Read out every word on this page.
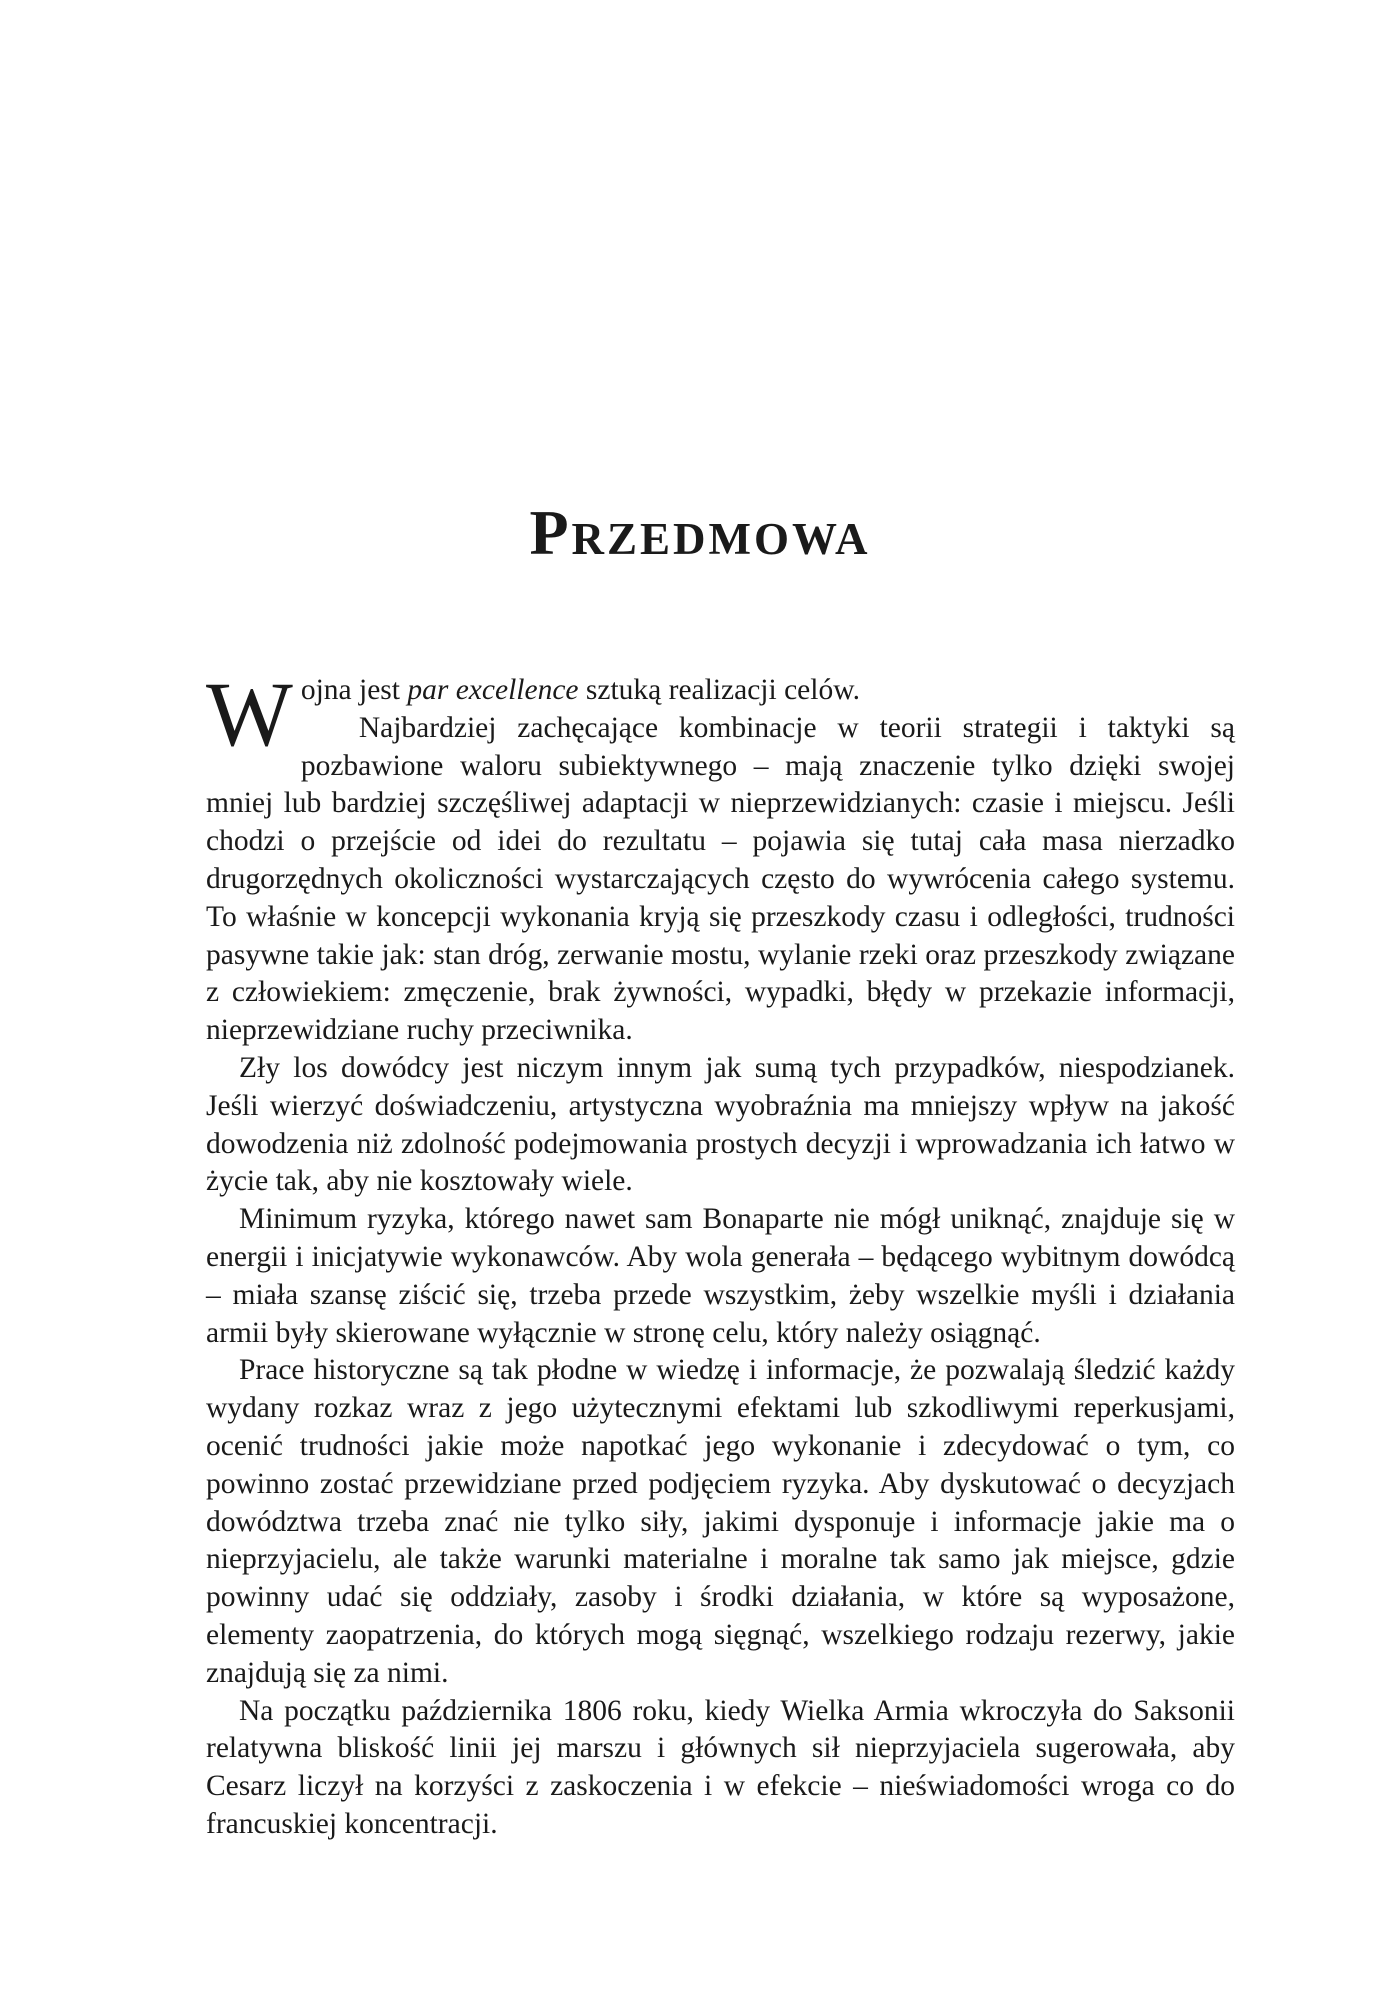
Przedmowa

Wojna jest par excellence sztuką realizacji celów.
Najbardziej zachęcające kombinacje w teorii strategii i taktyki są pozbawione waloru subiektywnego – mają znaczenie tylko dzięki swojej mniej lub bardziej szczęśliwej adaptacji w nieprzewidzianych: czasie i miejscu. Jeśli chodzi o przejście od idei do rezultatu – pojawia się tutaj cała masa nierzadko drugorzędnych okoliczności wystarczających często do wywrócenia całego systemu. To właśnie w koncepcji wykonania kryją się przeszkody czasu i odległości, trudności pasywne takie jak: stan dróg, zerwanie mostu, wylanie rzeki oraz przeszkody związane z człowiekiem: zmęczenie, brak żywności, wypadki, błędy w przekazie informacji, nieprzewidziane ruchy przeciwnika.

Zły los dowódcy jest niczym innym jak sumą tych przypadków, niespodzianek. Jeśli wierzyć doświadczeniu, artystyczna wyobraźnia ma mniejszy wpływ na jakość dowodzenia niż zdolność podejmowania prostych decyzji i wprowadzania ich łatwo w życie tak, aby nie kosztowały wiele.

Minimum ryzyka, którego nawet sam Bonaparte nie mógł uniknąć, znajduje się w energii i inicjatywie wykonawców. Aby wola generała – będącego wybitnym dowódcą – miała szansę ziścić się, trzeba przede wszystkim, żeby wszelkie myśli i działania armii były skierowane wyłącznie w stronę celu, który należy osiągnąć.

Prace historyczne są tak płodne w wiedzę i informacje, że pozwalają śledzić każdy wydany rozkaz wraz z jego użytecznymi efektami lub szkodliwymi reperkusjami, ocenić trudności jakie może napotkać jego wykonanie i zdecydować o tym, co powinno zostać przewidziane przed podjęciem ryzyka. Aby dyskutować o decyzjach dowództwa trzeba znać nie tylko siły, jakimi dysponuje i informacje jakie ma o nieprzyjacielu, ale także warunki materialne i moralne tak samo jak miejsce, gdzie powinny udać się oddziały, zasoby i środki działania, w które są wyposażone, elementy zaopatrzenia, do których mogą sięgnąć, wszelkiego rodzaju rezerwy, jakie znajdują się za nimi.

Na początku października 1806 roku, kiedy Wielka Armia wkroczyła do Saksonii relatywna bliskość linii jej marszu i głównych sił nieprzyjaciela sugerowała, aby Cesarz liczył na korzyści z zaskoczenia i w efekcie – nieświadomości wroga co do francuskiej koncentracji.
